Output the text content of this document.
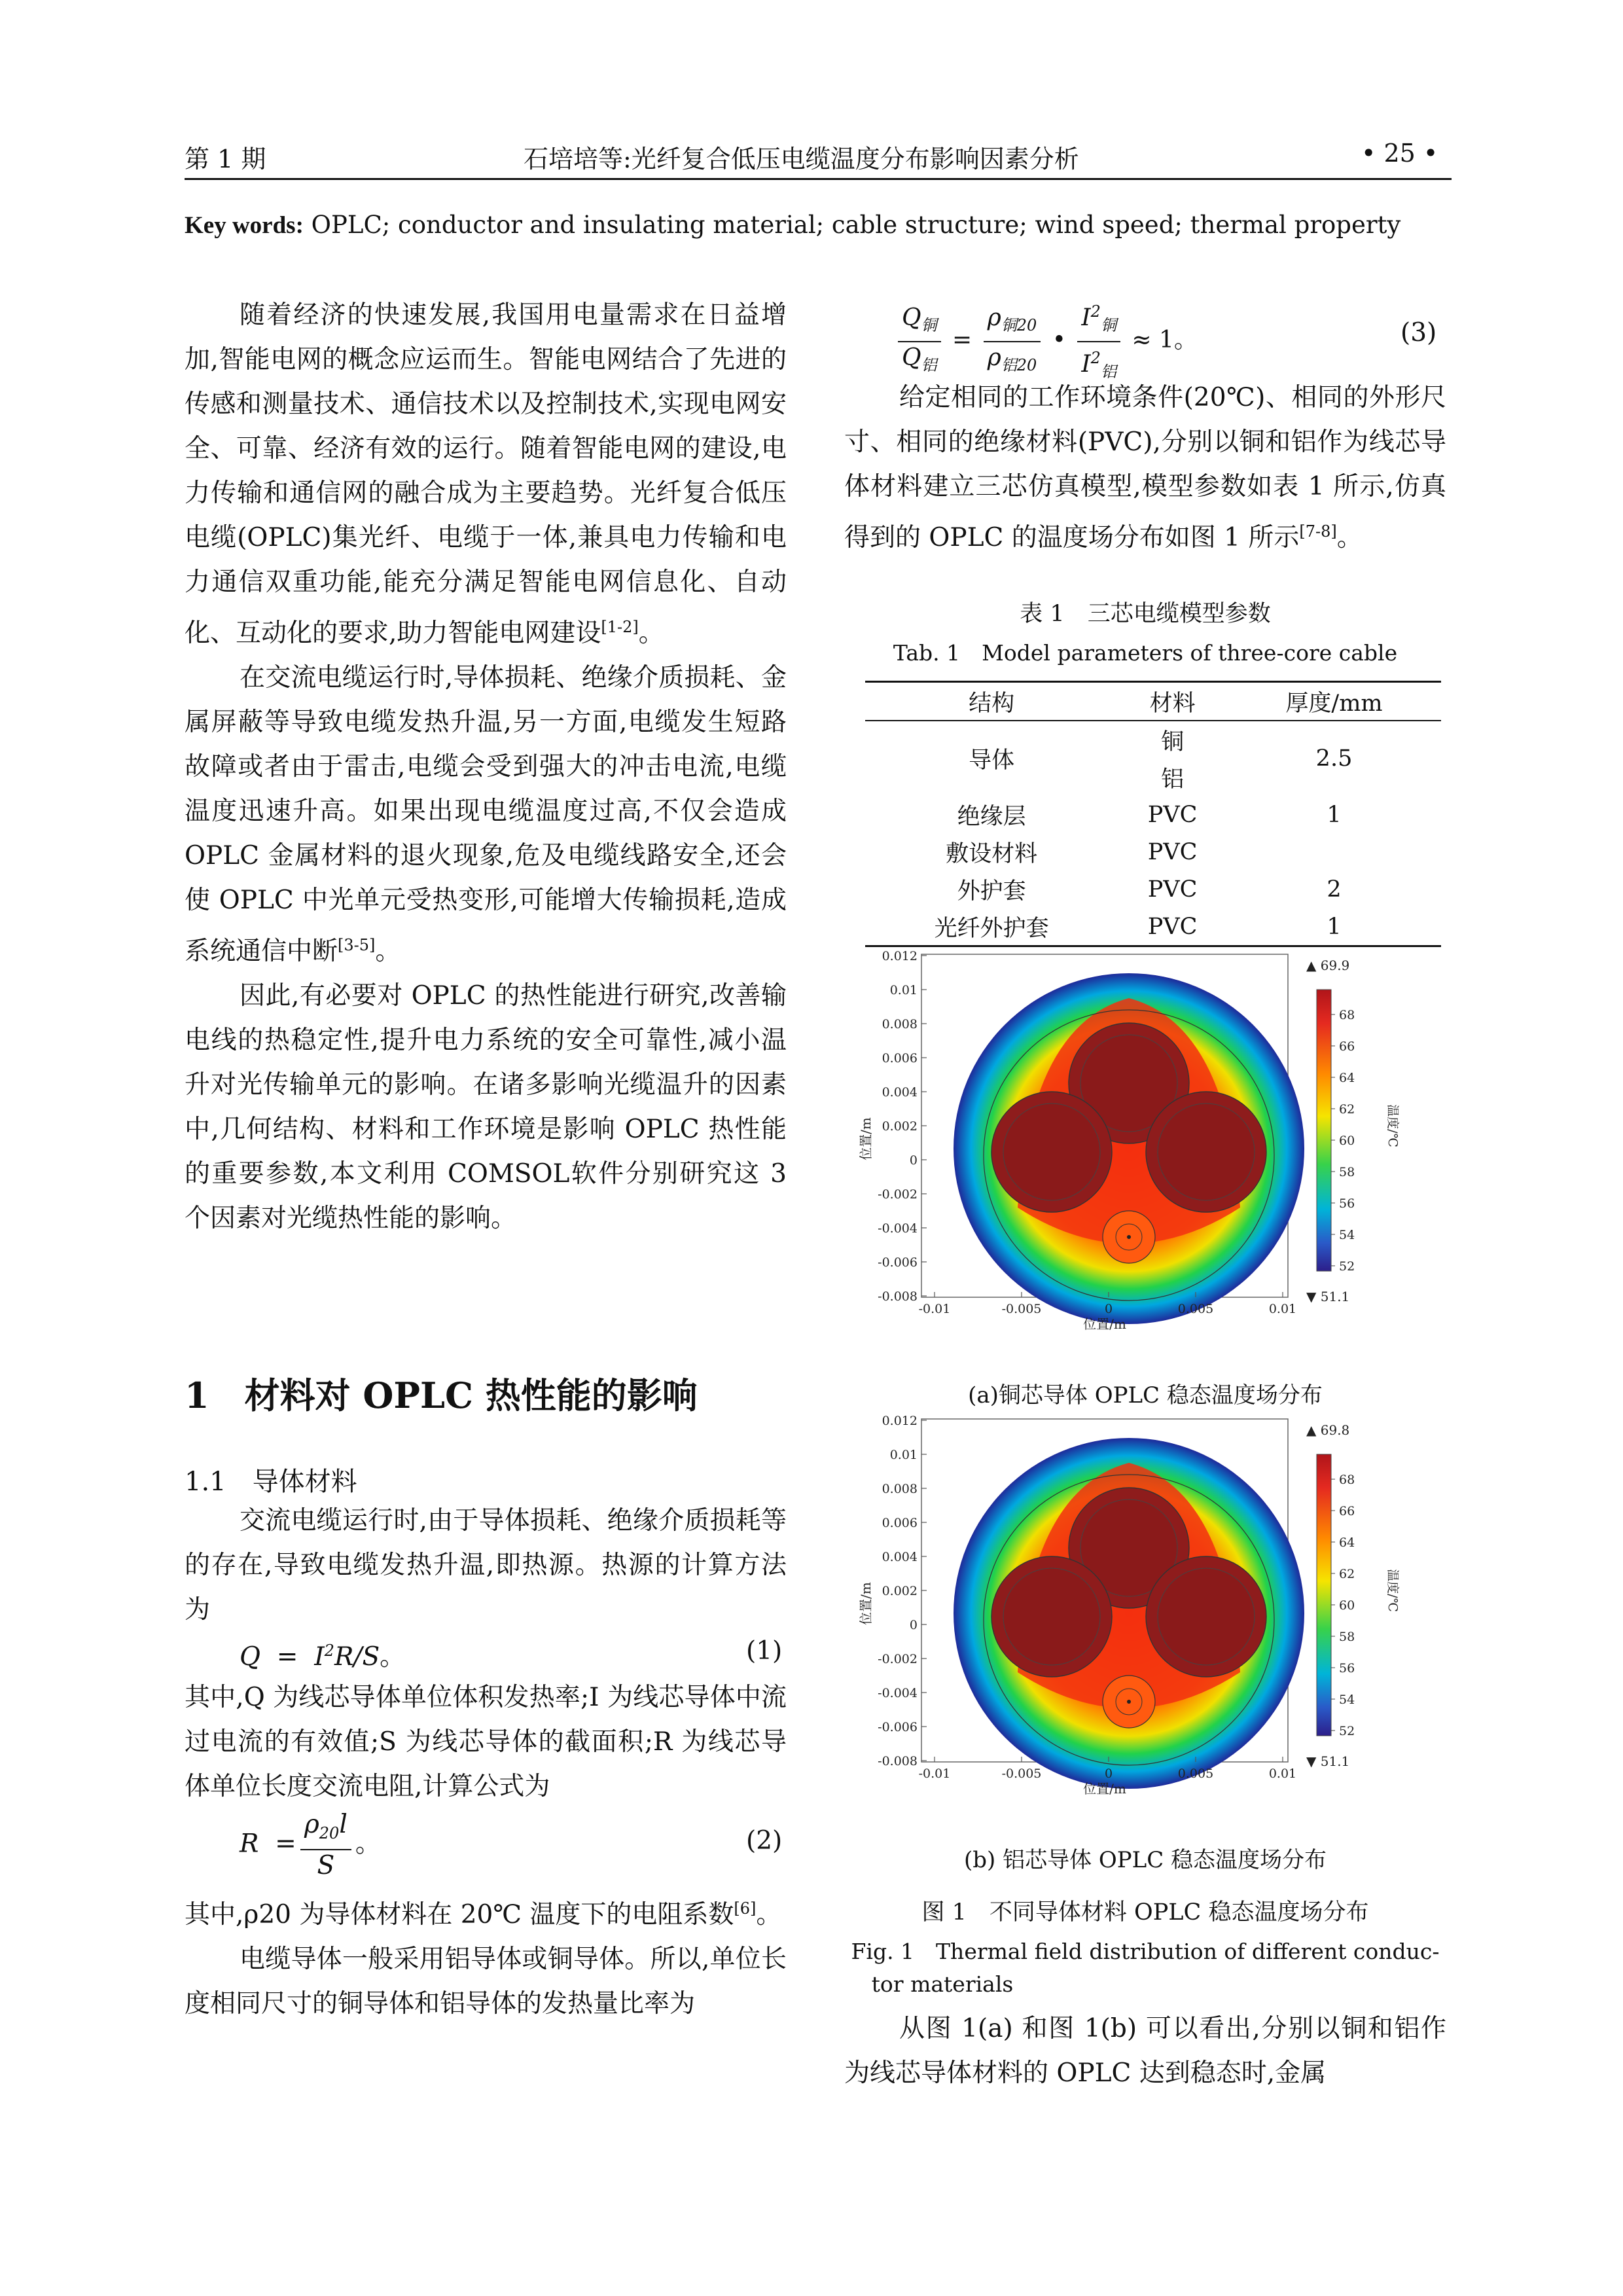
第 1 期	石培培等:光纤复合低压电缆温度分布影响因素分析	• 25 •
Key words: OPLC; conductor and insulating material; cable structure; wind speed; thermal property

随着经济的快速发展,我国用电量需求在日益增加,智能电网的概念应运而生。智能电网结合了先进的传感和测量技术、通信技术以及控制技术,实现电网安全、可靠、经济有效的运行。随着智能电网的建设,电力传输和通信网的融合成为主要趋势。光纤复合低压电缆(OPLC)集光纤、电缆于一体,兼具电力传输和电力通信双重功能,能充分满足智能电网信息化、自动化、互动化的要求,助力智能电网建设[1-2]。

在交流电缆运行时,导体损耗、绝缘介质损耗、金属屏蔽等导致电缆发热升温,另一方面,电缆发生短路故障或者由于雷击,电缆会受到强大的冲击电流,电缆温度迅速升高。如果出现电缆温度过高,不仅会造成 OPLC 金属材料的退火现象,危及电缆线路安全,还会使 OPLC 中光单元受热变形,可能增大传输损耗,造成系统通信中断[3-5]。

因此,有必要对 OPLC 的热性能进行研究,改善输电线的热稳定性,提升电力系统的安全可靠性,减小温升对光传输单元的影响。在诸多影响光缆温升的因素中,几何结构、材料和工作环境是影响 OPLC 热性能的重要参数,本文利用 COMSOL软件分别研究这 3 个因素对光缆热性能的影响。

1　材料对 OPLC 热性能的影响
1.1　导体材料

交流电缆运行时,由于导体损耗、绝缘介质损耗等的存在,导致电缆发热升温,即热源。热源的计算方法为

$Q = I^2R/S$。	(1)

其中,Q 为线芯导体单位体积发热率;I 为线芯导体中流过电流的有效值;S 为线芯导体的截面积;R 为线芯导体单位长度交流电阻,计算公式为

$R = \frac{\rho_{20}l}{S}$ 。	(2)

其中,ρ20 为导体材料在 20℃ 温度下的电阻系数[6]。

电缆导体一般采用铝导体或铜导体。所以,单位长度相同尺寸的铜导体和铝导体的发热量比率为

$\frac{Q_铜}{Q_铝} = \frac{\rho_{铜20}}{\rho_{铝20}}$ • $\frac{I^2_铜}{I^2_铝} \approx 1$。	(3)

给定相同的工作环境条件(20℃)、相同的外形尺寸、相同的绝缘材料(PVC),分别以铜和铝作为线芯导体材料建立三芯仿真模型,模型参数如表 1 所示,仿真得到的 OPLC 的温度场分布如图 1 所示[7-8]。

表 1　三芯电缆模型参数
Tab. 1　Model parameters of three-core cable
结构	材料	厚度/mm
导体	铜	2.5
	铝	
绝缘层	PVC	1
敷设材料	PVC	
外护套	PVC	2
光纤外护套	PVC	1
0.012
0.01
0.008
0.006
0.004
0.002
0
-0.002
-0.004
-0.006
-0.008
-0.01	-0.005	0	0.005	0.01
位置/m
位置/m
68
66
64
62
60
58
56
54
52
温度/℃
▲ 69.9
▼ 51.1
(a)铜芯导体 OPLC 稳态温度场分布
0.012
0.01
0.008
0.006
0.004
0.002
0
-0.002
-0.004
-0.006
-0.008
-0.01	-0.005	0	0.005	0.01
位置/m
位置/m
68
66
64
62
60
58
56
54
52
温度/℃
▲ 69.8
▼ 51.1
(b) 铝芯导体 OPLC 稳态温度场分布
图 1　不同导体材料 OPLC 稳态温度场分布
Fig. 1　Thermal field distribution of different conduc-
tor materials

从图 1(a) 和图 1(b) 可以看出,分别以铜和铝作为线芯导体材料的 OPLC 达到稳态时,金属
